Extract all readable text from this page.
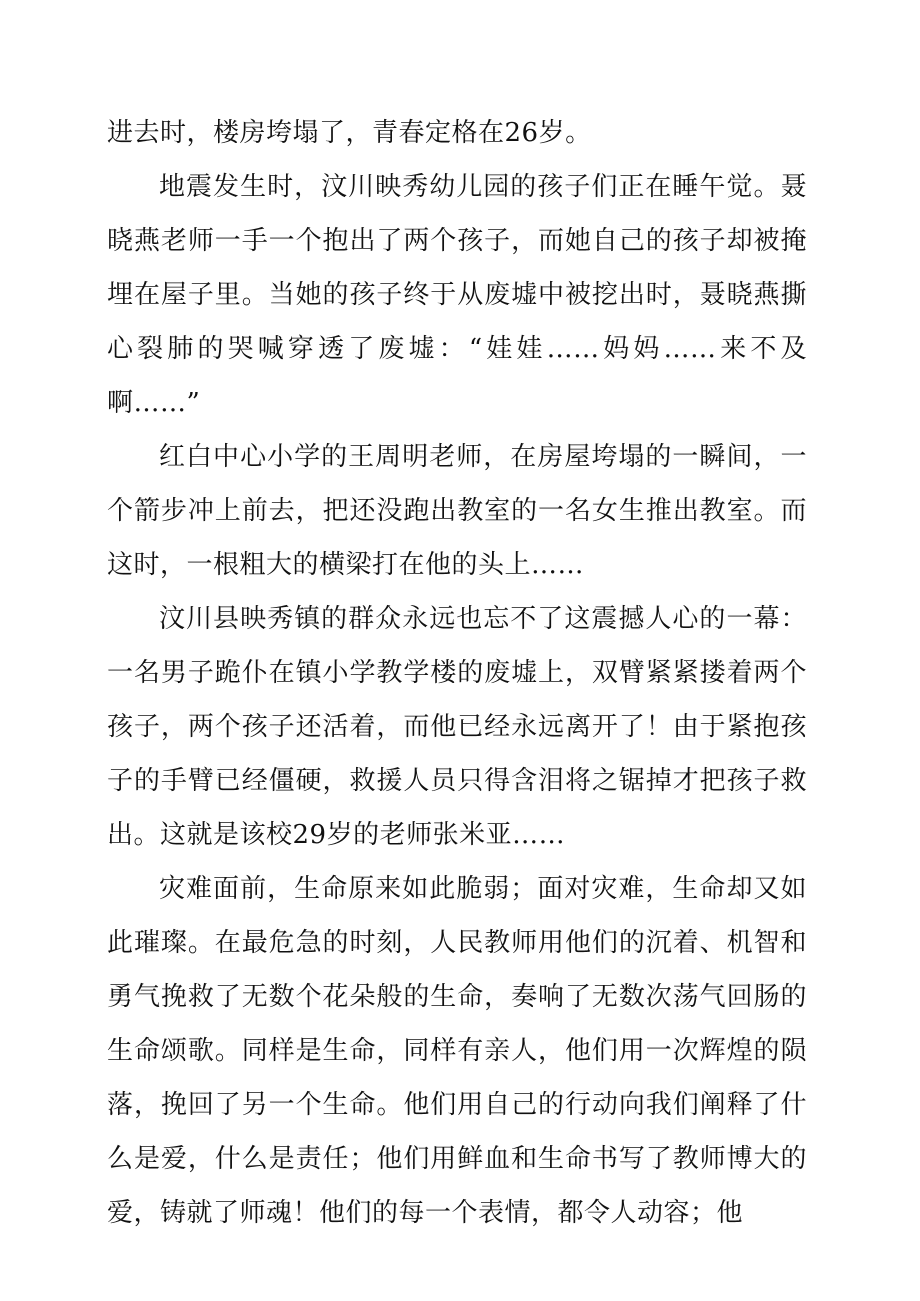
进去时，楼房垮塌了，青春定格在26岁。

地震发生时，汶川映秀幼儿园的孩子们正在睡午觉。聂晓燕老师一手一个抱出了两个孩子，而她自己的孩子却被掩埋在屋子里。当她的孩子终于从废墟中被挖出时，聂晓燕撕心裂肺的哭喊穿透了废墟：“娃娃……妈妈……来不及啊……”

红白中心小学的王周明老师，在房屋垮塌的一瞬间，一个箭步冲上前去，把还没跑出教室的一名女生推出教室。而这时，一根粗大的横梁打在他的头上……

汶川县映秀镇的群众永远也忘不了这震撼人心的一幕：一名男子跪仆在镇小学教学楼的废墟上，双臂紧紧搂着两个孩子，两个孩子还活着，而他已经永远离开了！由于紧抱孩子的手臂已经僵硬，救援人员只得含泪将之锯掉才把孩子救出。这就是该校29岁的老师张米亚……

灾难面前，生命原来如此脆弱；面对灾难，生命却又如此璀璨。在最危急的时刻，人民教师用他们的沉着、机智和勇气挽救了无数个花朵般的生命，奏响了无数次荡气回肠的生命颂歌。同样是生命，同样有亲人，他们用一次辉煌的陨落，挽回了另一个生命。他们用自己的行动向我们阐释了什么是爱，什么是责任；他们用鲜血和生命书写了教师博大的爱，铸就了师魂！他们的每一个表情，都令人动容；他
